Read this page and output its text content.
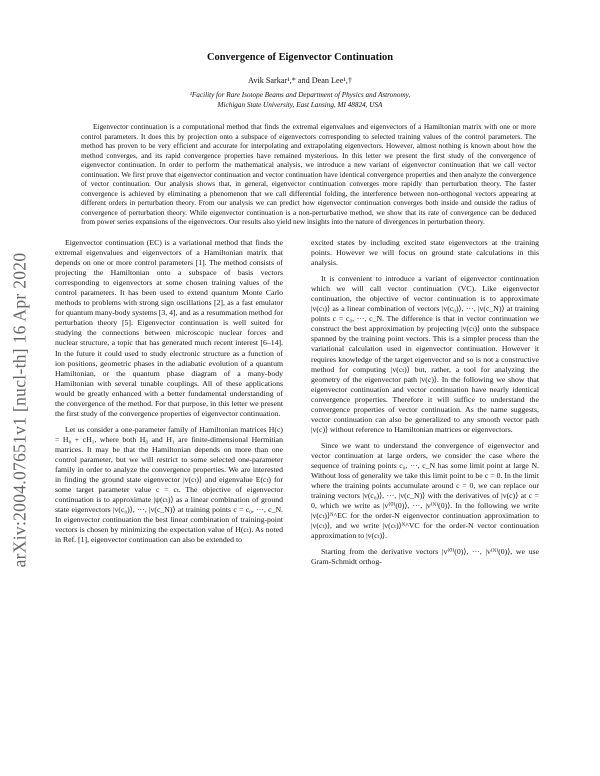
arXiv:2004.07651v1 [nucl-th] 16 Apr 2020
Convergence of Eigenvector Continuation
Avik Sarkar¹,* and Dean Lee¹,†
¹Facility for Rare Isotope Beams and Department of Physics and Astronomy,
Michigan State University, East Lansing, MI 48824, USA

Eigenvector continuation is a computational method that finds the extremal eigenvalues and eigenvectors of a Hamiltonian matrix with one or more control parameters. It does this by projection onto a subspace of eigenvectors corresponding to selected training values of the control parameters. The method has proven to be very efficient and accurate for interpolating and extrapolating eigenvectors. However, almost nothing is known about how the method converges, and its rapid convergence properties have remained mysterious. In this letter we present the first study of the convergence of eigenvector continuation. In order to perform the mathematical analysis, we introduce a new variant of eigenvector continuation that we call vector continuation. We first prove that eigenvector continuation and vector continuation have identical convergence properties and then analyze the convergence of vector continuation. Our analysis shows that, in general, eigenvector continuation converges more rapidly than perturbation theory. The faster convergence is achieved by eliminating a phenomenon that we call differential folding, the interference between non-orthogonal vectors appearing at different orders in perturbation theory. From our analysis we can predict how eigenvector continuation converges both inside and outside the radius of convergence of perturbation theory. While eigenvector continuation is a non-perturbative method, we show that its rate of convergence can be deduced from power series expansions of the eigenvectors. Our results also yield new insights into the nature of divergences in perturbation theory.

Eigenvector continuation (EC) is a variational method that finds the extremal eigenvalues and eigenvectors of a Hamiltonian matrix that depends on one or more control parameters [1]. The method consists of projecting the Hamiltonian onto a subspace of basis vectors corresponding to eigenvectors at some chosen training values of the control parameters. It has been used to extend quantum Monte Carlo methods to problems with strong sign oscillations [2], as a fast emulator for quantum many-body systems [3, 4], and as a resummation method for perturbation theory [5]. Eigenvector continuation is well suited for studying the connections between microscopic nuclear forces and nuclear structure, a topic that has generated much recent interest [6–14]. In the future it could used to study electronic structure as a function of ion positions, geometric phases in the adiabatic evolution of a quantum Hamiltonian, or the quantum phase diagram of a many-body Hamiltonian with several tunable couplings. All of these applications would be greatly enhanced with a better fundamental understanding of the convergence of the method. For that purpose, in this letter we present the first study of the convergence properties of eigenvector continuation.

Let us consider a one-parameter family of Hamiltonian matrices H(c) = H₀ + cH₁, where both H₀ and H₁ are finite-dimensional Hermitian matrices. It may be that the Hamiltonian depends on more than one control parameter, but we will restrict to some selected one-parameter family in order to analyze the convergence properties. We are interested in finding the ground state eigenvector |v(cₜ)⟩ and eigenvalue E(cₜ) for some target parameter value c = cₜ. The objective of eigenvector continuation is to approximate |ψ(cₜ)⟩ as a linear combination of ground state eigenvectors |v(c₀)⟩, ···, |v(c_N)⟩ at training points c = c₀, ···, c_N. In eigenvector continuation the best linear combination of training-point vectors is chosen by minimizing the expectation value of H(cₜ). As noted in Ref. [1], eigenvector continuation can also be extended to

excited states by including excited state eigenvectors at the training points. However we will focus on ground state calculations in this analysis.

It is convenient to introduce a variant of eigenvector continuation which we will call vector continuation (VC). Like eigenvector continuation, the objective of vector continuation is to approximate |v(cₜ)⟩ as a linear combination of vectors |v(c₀)⟩, ···, |v(c_N)⟩ at training points c = c₀, ···, c_N. The difference is that in vector continuation we construct the best approximation by projecting |v(cₜ)⟩ onto the subspace spanned by the training point vectors. This is a simpler process than the variational calculation used in eigenvector continuation. However it requires knowledge of the target eigenvector and so is not a constructive method for computing |v(cₜ)⟩ but, rather, a tool for analyzing the geometry of the eigenvector path |v(c)⟩. In the following we show that eigenvector continuation and vector continuation have nearly identical convergence properties. Therefore it will suffice to understand the convergence properties of vector continuation. As the name suggests, vector continuation can also be generalized to any smooth vector path |v(c)⟩ without reference to Hamiltonian matrices or eigenvectors.

Since we want to understand the convergence of eigenvector and vector continuation at large orders, we consider the case where the sequence of training points c₀, ···, c_N has some limit point at large N. Without loss of generality we take this limit point to be c = 0. In the limit where the training points accumulate around c = 0, we can replace our training vectors |v(c₀)⟩, ···, |v(c_N)⟩ with the derivatives of |v(c)⟩ at c = 0, which we write as |v⁽⁰⁾(0)⟩, ···, |v⁽ᴺ⁾(0)⟩. In the following we write |v(cₜ)⟩ᴺ^EC for the order-N eigenvector continuation approximation to |v(cₜ)⟩, and we write |v(cₜ)⟩ᴺ^VC for the order-N vector continuation approximation to |v(cₜ)⟩.

Starting from the derivative vectors |v⁽⁰⁾(0)⟩, ···, |v⁽ᴺ⁾(0)⟩, we use Gram-Schmidt orthog-
